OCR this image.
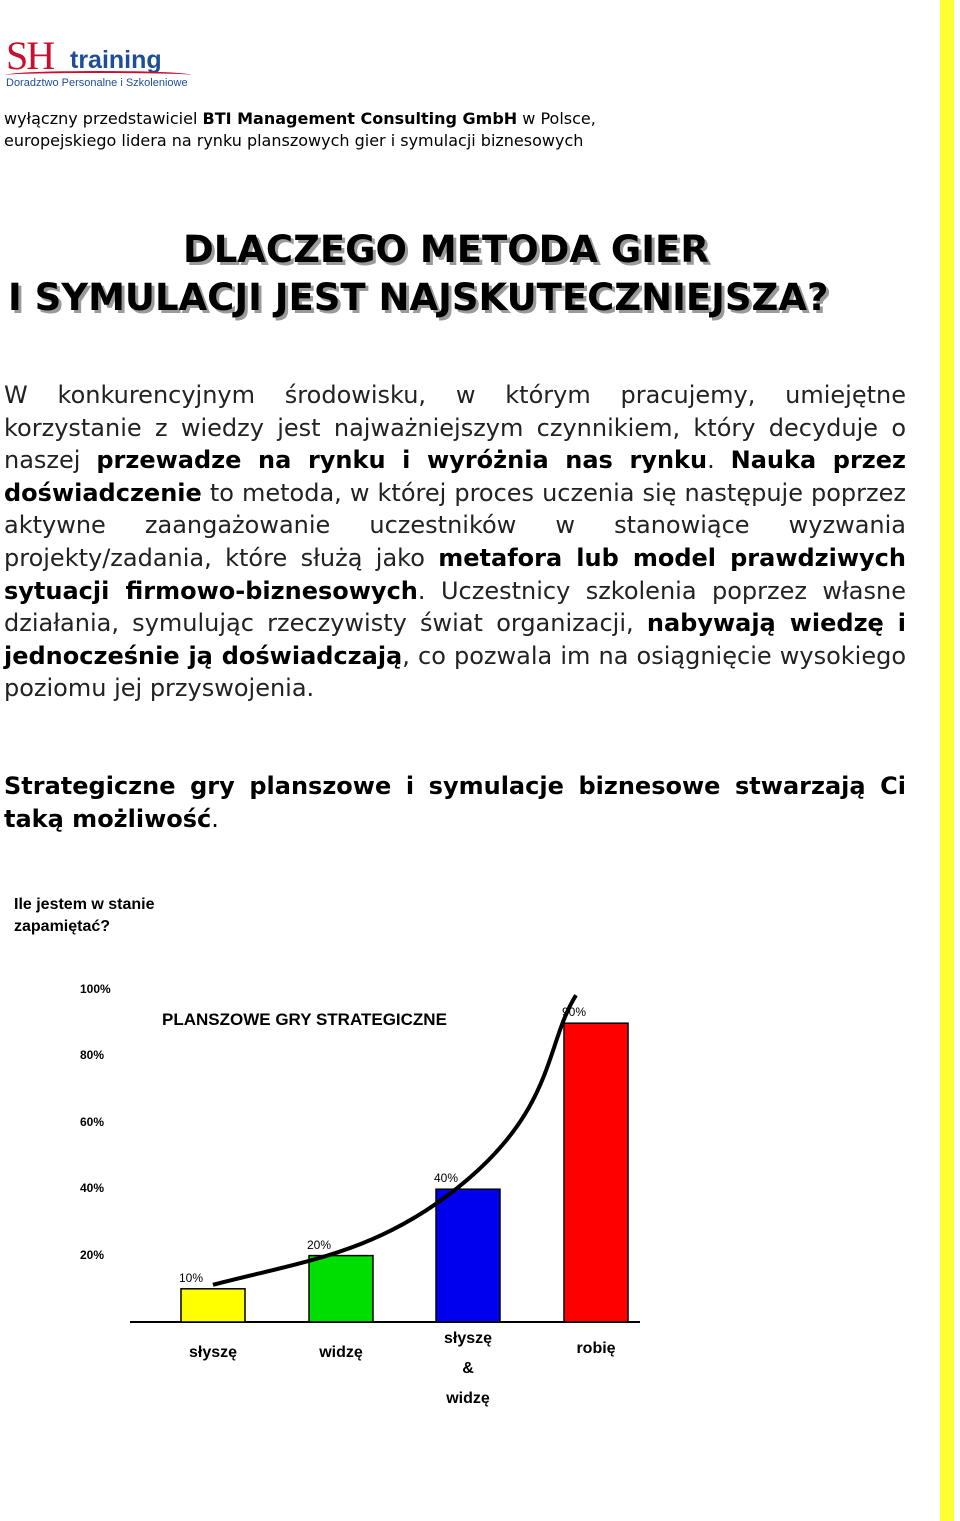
SH training
Doradztwo Personalne i Szkoleniowe
wyłączny przedstawiciel BTI Management Consulting GmbH w Polsce,
europejskiego lidera na rynku planszowych gier i symulacji biznesowych
DLACZEGO METODA GIER
I SYMULACJI JEST NAJSKUTECZNIEJSZA?
W konkurencyjnym środowisku, w którym pracujemy, umiejętne korzystanie z wiedzy jest najważniejszym czynnikiem, który decyduje o naszej przewadze na rynku i wyróżnia nas rynku. Nauka przez doświadczenie to metoda, w której proces uczenia się następuje poprzez aktywne zaangażowanie uczestników w stanowiące wyzwania projekty/zadania, które służą jako metafora lub model prawdziwych sytuacji firmowo-biznesowych. Uczestnicy szkolenia poprzez własne działania, symulując rzeczywisty świat organizacji, nabywają wiedzę i jednocześnie ją doświadczają, co pozwala im na osiągnięcie wysokiego poziomu jej przyswojenia.
Strategiczne gry planszowe i symulacje biznesowe stwarzają Ci taką możliwość.
Ile jestem w stanie
zapamiętać?
PLANSZOWE GRY STRATEGICZNE
100%
80%
60%
40%
20%
10%
słyszę
20%
widzę
40%
słyszę
&
widzę
90%
robię
